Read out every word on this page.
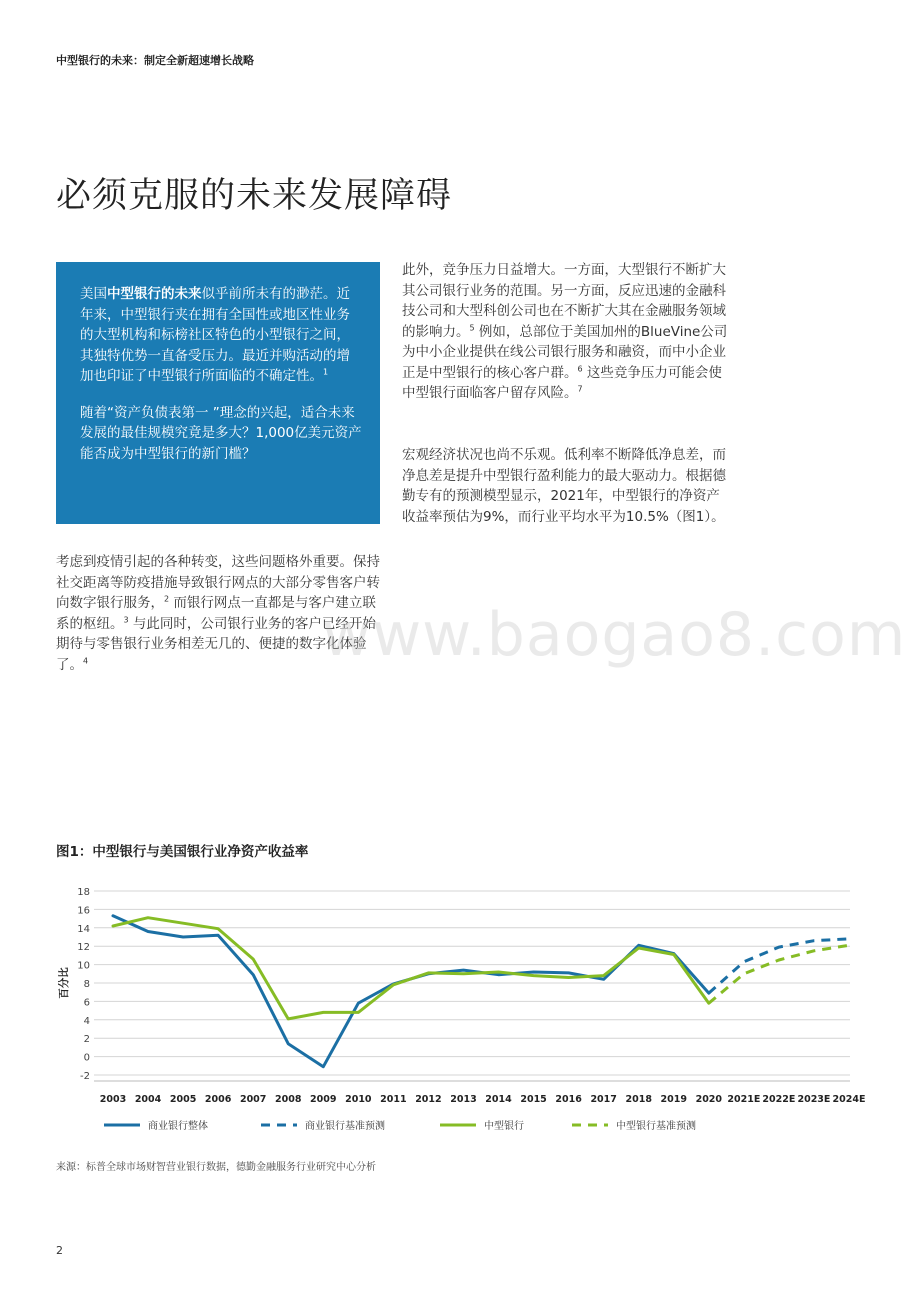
中型银行的未来：制定全新超速增长战略
必须克服的未来发展障碍

美国中型银行的未来似乎前所未有的渺茫。近年来，中型银行夹在拥有全国性或地区性业务的大型机构和标榜社区特色的小型银行之间，其独特优势一直备受压力。最近并购活动的增加也印证了中型银行所面临的不确定性。$^1$

随着“资产负债表第一 ”理念的兴起，适合未来发展的最佳规模究竟是多大？1,000亿美元资产能否成为中型银行的新门槛？

考虑到疫情引起的各种转变，这些问题格外重要。保持社交距离等防疫措施导致银行网点的大部分零售客户转向数字银行服务，$^2$ 而银行网点一直都是与客户建立联系的枢纽。$^3$ 与此同时，公司银行业务的客户已经开始期待与零售银行业务相差无几的、便捷的数字化体验了。$^4$

此外，竞争压力日益增大。一方面，大型银行不断扩大其公司银行业务的范围。另一方面，反应迅速的金融科技公司和大型科创公司也在不断扩大其在金融服务领域的影响力。$^5$ 例如，总部位于美国加州的BlueVine公司为中小企业提供在线公司银行服务和融资，而中小企业正是中型银行的核心客户群。$^6$ 这些竞争压力可能会使中型银行面临客户留存风险。$^7$

宏观经济状况也尚不乐观。低利率不断降低净息差，而净息差是提升中型银行盈利能力的最大驱动力。根据德勤专有的预测模型显示，2021年，中型银行的净资产收益率预估为9%，而行业平均水平为10.5%（图1）。

www.baogao8.com
图1：中型银行与美国银行业净资产收益率
18
16
14
12
10
8
6
4
2
0
-2
2003 2004 2005 2006 2007 2008 2009 2010 2011 2012 2013 2014 2015 2016 2017 2018 2019 2020 2021E 2022E 2023E 2024E
百分比
商业银行整体	商业银行基准预测	中型银行	中型银行基准预测
来源：标普全球市场财智营业银行数据，德勤金融服务行业研究中心分析
2
